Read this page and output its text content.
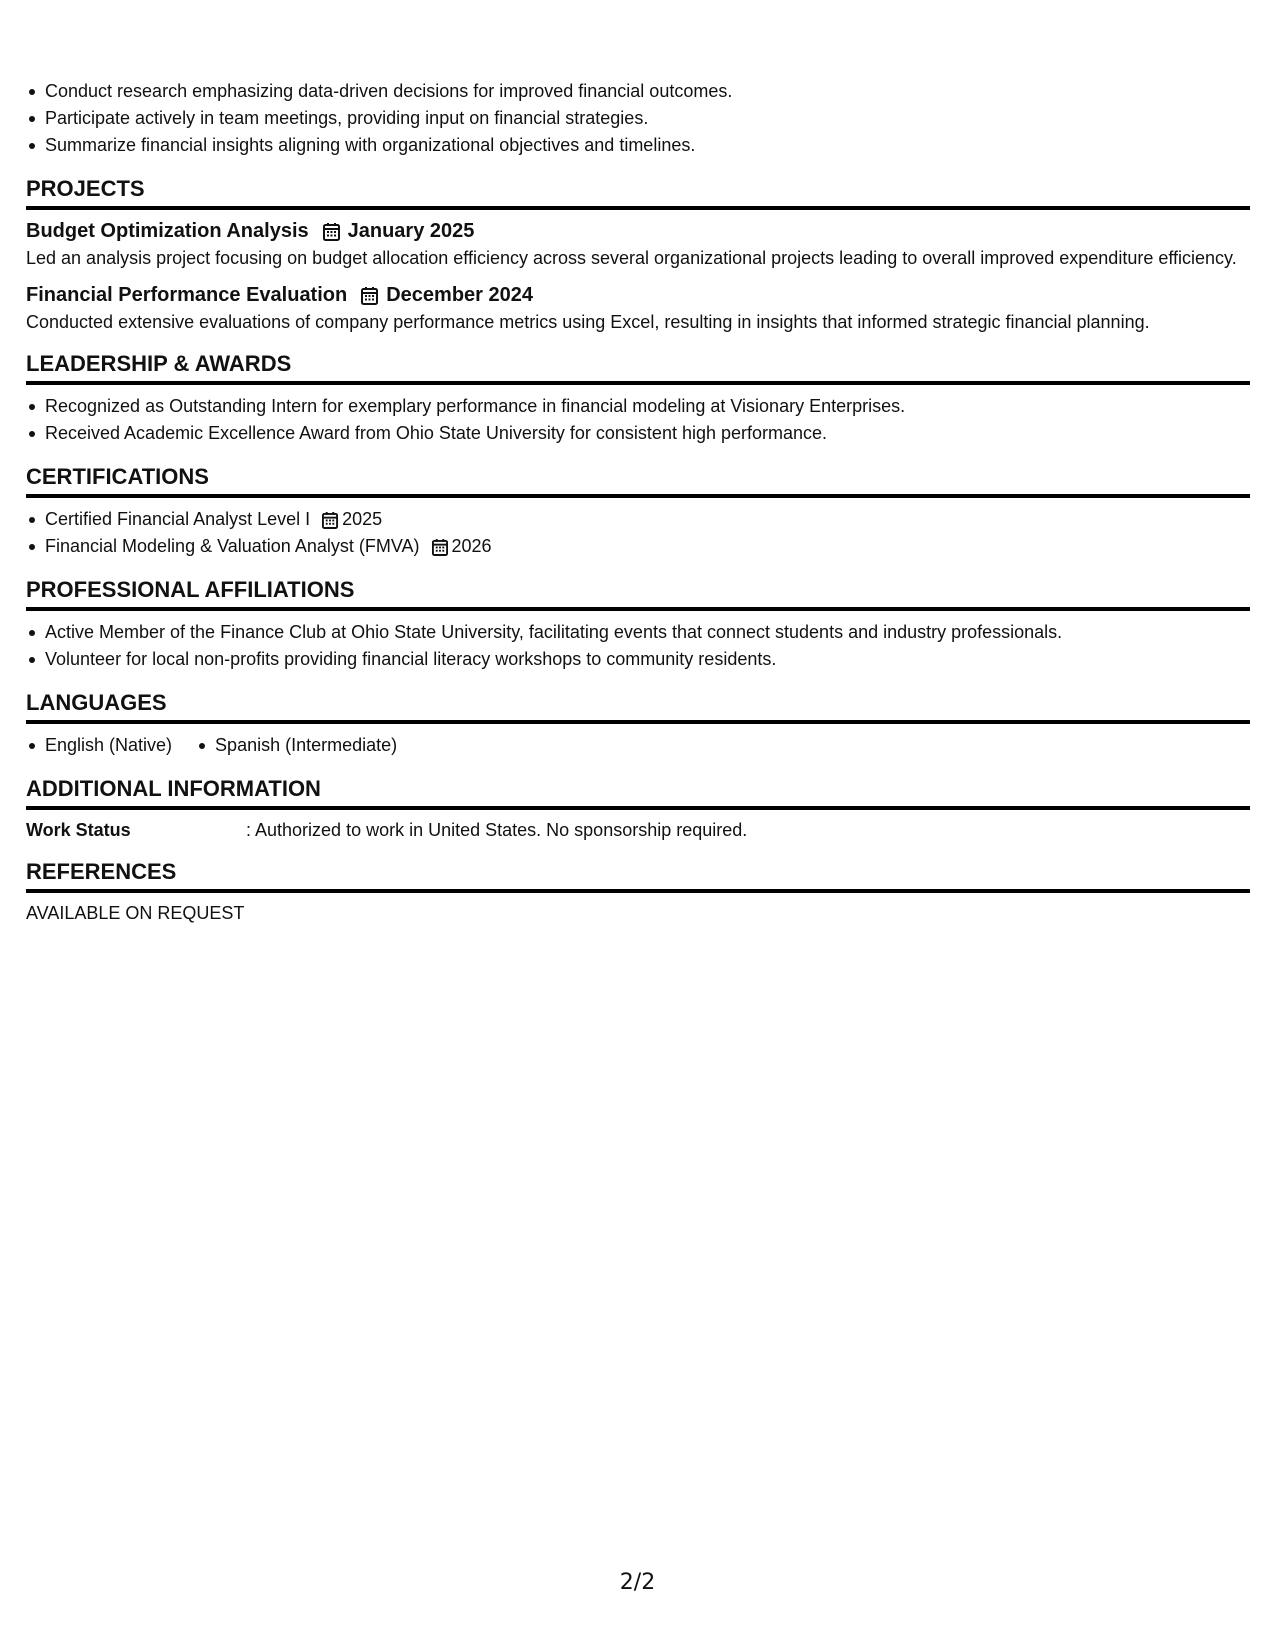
Conduct research emphasizing data-driven decisions for improved financial outcomes.
Participate actively in team meetings, providing input on financial strategies.
Summarize financial insights aligning with organizational objectives and timelines.
PROJECTS
Budget Optimization Analysis January 2025
Led an analysis project focusing on budget allocation efficiency across several organizational projects leading to overall improved expenditure efficiency.
Financial Performance Evaluation December 2024
Conducted extensive evaluations of company performance metrics using Excel, resulting in insights that informed strategic financial planning.
LEADERSHIP & AWARDS
Recognized as Outstanding Intern for exemplary performance in financial modeling at Visionary Enterprises.
Received Academic Excellence Award from Ohio State University for consistent high performance.
CERTIFICATIONS
Certified Financial Analyst Level I 2025
Financial Modeling & Valuation Analyst (FMVA) 2026
PROFESSIONAL AFFILIATIONS
Active Member of the Finance Club at Ohio State University, facilitating events that connect students and industry professionals.
Volunteer for local non-profits providing financial literacy workshops to community residents.
LANGUAGES
English (Native)	Spanish (Intermediate)
ADDITIONAL INFORMATION
Work Status	: Authorized to work in United States. No sponsorship required.
REFERENCES
AVAILABLE ON REQUEST
2/2
